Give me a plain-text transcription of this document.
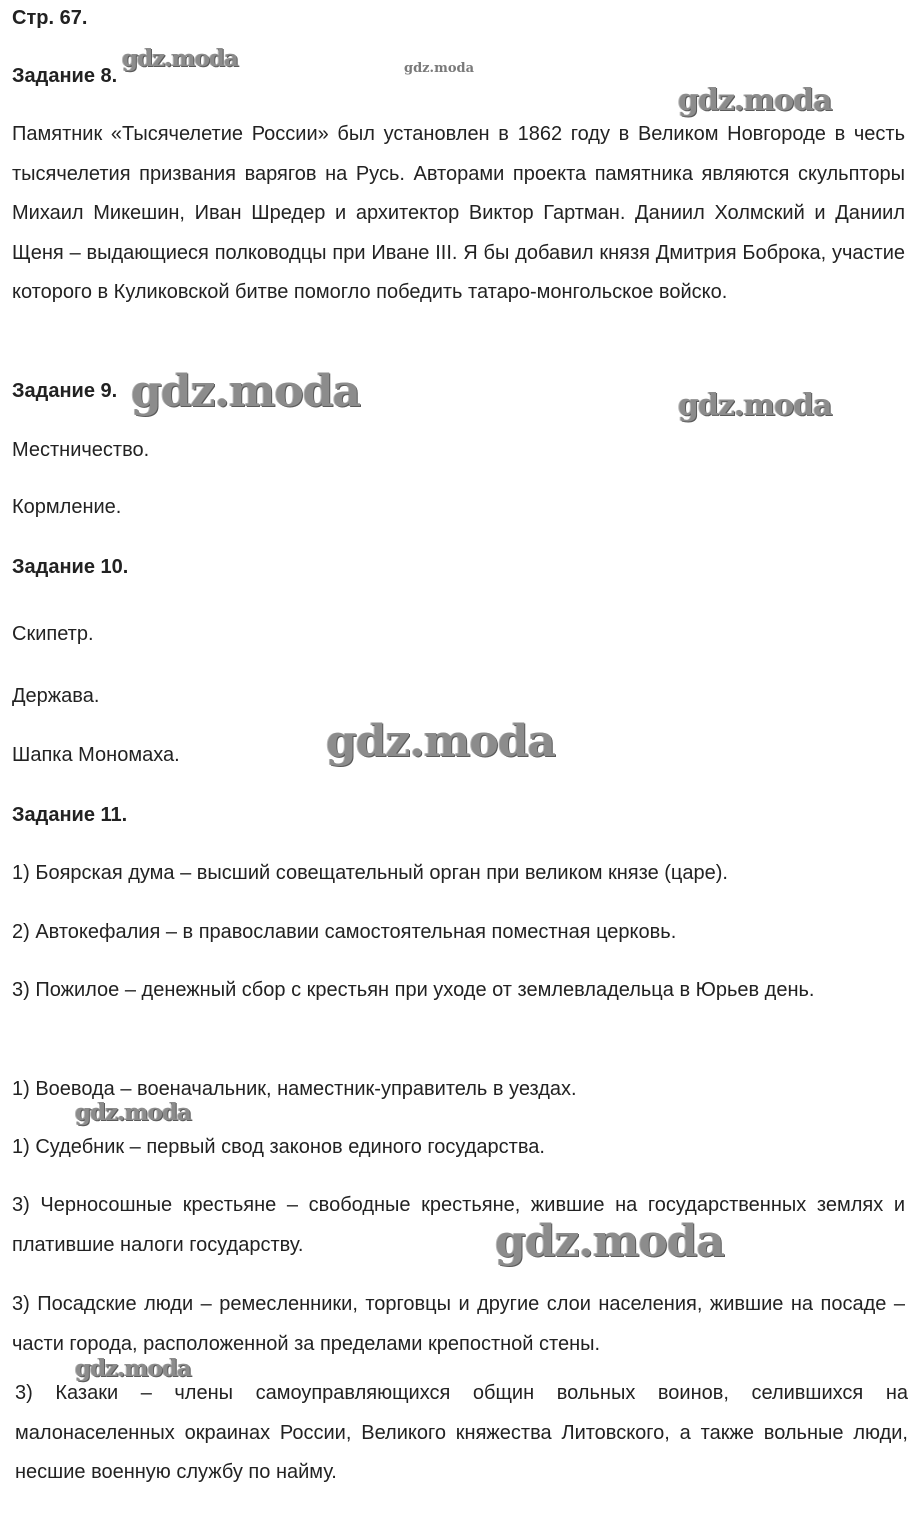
Стр. 67.

Задание 8.

Памятник «Тысячелетие России» был установлен в 1862 году в Великом Новгороде в честь тысячелетия призвания варягов на Русь. Авторами проекта памятника являются скульпторы Михаил Микешин, Иван Шредер и архитектор Виктор Гартман. Даниил Холмский и Даниил Щеня – выдающиеся полководцы при Иване III. Я бы добавил князя Дмитрия Боброка, участие которого в Куликовской битве помогло победить татаро-монгольское войско.

Задание 9.

Местничество.

Кормление.

Задание 10.

Скипетр.

Держава.

Шапка Мономаха.

Задание 11.

1) Боярская дума – высший совещательный орган при великом князе (царе).

2) Автокефалия – в православии самостоятельная поместная церковь.

3) Пожилое – денежный сбор с крестьян при уходе от землевладельца в Юрьев день.

1) Воевода – военачальник, наместник-управитель в уездах.

1) Судебник – первый свод законов единого государства.

3) Черносошные крестьяне – свободные крестьяне, жившие на государственных землях и платившие налоги государству.

3) Посадские люди – ремесленники, торговцы и другие слои населения, жившие на посаде – части города, расположенной за пределами крепостной стены.

3) Казаки – члены самоуправляющихся общин вольных воинов, селившихся на малонаселенных окраинах России, Великого княжества Литовского, а также вольные люди, несшие военную службу по найму.

gdz.moda	gdz.moda
gdz.moda
gdz.moda	gdz.moda
gdz.moda
gdz.moda
gdz.moda
gdz.moda
